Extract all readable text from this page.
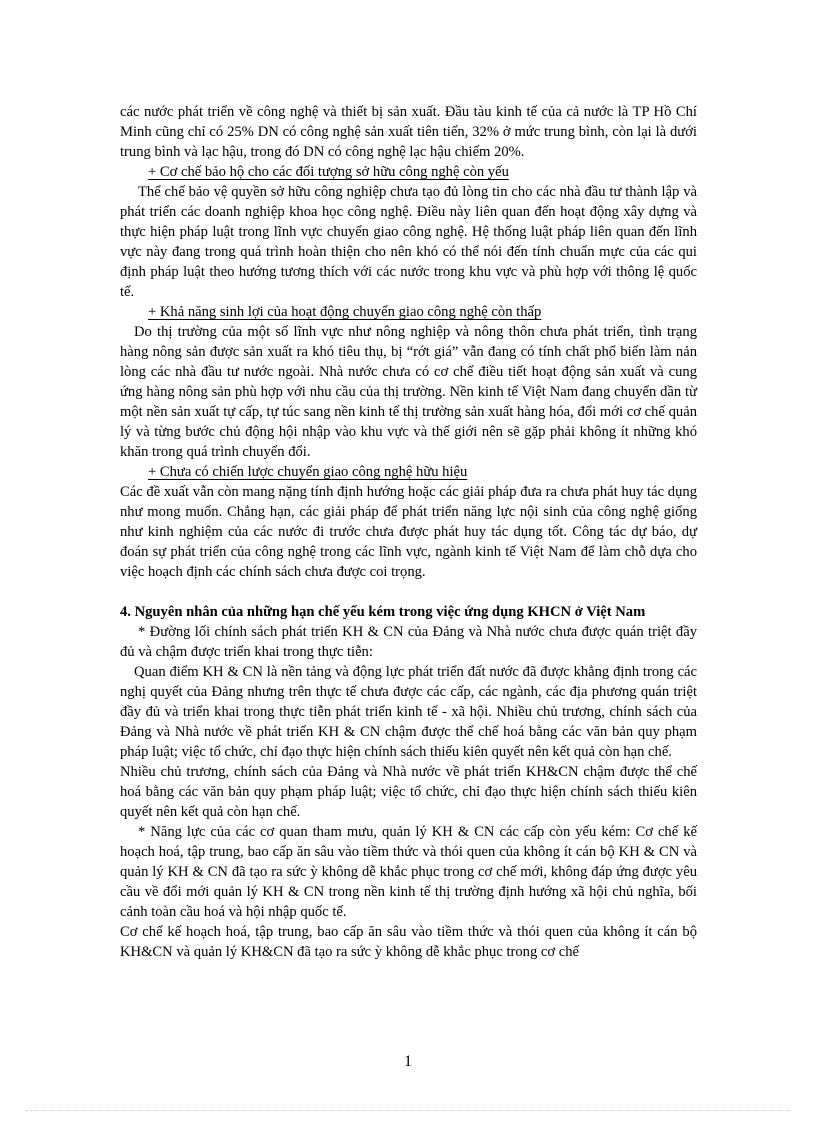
các nước phát triển về công nghệ và thiết bị sản xuất. Đầu tàu kinh tế của cả nước là TP Hồ Chí Minh cũng chỉ có 25% DN có công nghệ sản xuất tiên tiến, 32% ở mức trung bình, còn lại là dưới trung bình và lạc hậu, trong đó DN có công nghệ lạc hậu chiếm 20%.

+ Cơ chế bảo hộ cho các đối tượng sở hữu công nghệ còn yếu

Thể chế bảo vệ quyền sở hữu công nghiệp chưa tạo đủ lòng tin cho các nhà đầu tư thành lập và phát triển các doanh nghiệp khoa học công nghệ. Điều này liên quan đến hoạt động xây dựng và thực hiện pháp luật trong lĩnh vực chuyển giao công nghệ. Hệ thống luật pháp liên quan đến lĩnh vực này đang trong quá trình hoàn thiện cho nên khó có thể nói đến tính chuẩn mực của các qui định pháp luật theo hướng tương thích với các nước trong khu vực và phù hợp với thông lệ quốc tế.

+ Khả năng sinh lợi của hoạt động chuyển giao công nghệ còn thấp

Do thị trường của một số lĩnh vực như nông nghiệp và nông thôn chưa phát triển, tình trạng hàng nông sản được sản xuất ra khó tiêu thụ, bị “rớt giá” vẫn đang có tính chất phổ biến làm nản lòng các nhà đầu tư nước ngoài. Nhà nước chưa có cơ chế điều tiết hoạt động sản xuất và cung ứng hàng nông sản phù hợp với nhu cầu của thị trường. Nền kinh tế Việt Nam đang chuyển dần từ một nền sản xuất tự cấp, tự túc sang nền kinh tế thị trường sản xuất hàng hóa, đổi mới cơ chế quản lý và từng bước chủ động hội nhập vào khu vực và thế giới nên sẽ gặp phải không ít những khó khăn trong quá trình chuyển đổi.

+ Chưa có chiến lược chuyển giao công nghệ hữu hiệu

Các đề xuất vẫn còn mang nặng tính định hướng hoặc các giải pháp đưa ra chưa phát huy tác dụng như mong muốn. Chẳng hạn, các giải pháp để phát triển năng lực nội sinh của công nghệ giống như kinh nghiệm của các nước đi trước chưa được phát huy tác dụng tốt. Công tác dự báo, dự đoán sự phát triển của công nghệ trong các lĩnh vực, ngành kinh tế Việt Nam để làm chỗ dựa cho việc hoạch định các chính sách chưa được coi trọng.

4. Nguyên nhân của những hạn chế yếu kém trong việc ứng dụng KHCN ở Việt Nam

* Đường lối chính sách phát triển KH & CN của Đảng và Nhà nước chưa được quán triệt đầy đủ và chậm được triển khai trong thực tiễn:

Quan điểm KH & CN là nền tảng và động lực phát triển đất nước đã được khẳng định trong các nghị quyết của Đảng nhưng trên thực tế chưa được các cấp, các ngành, các địa phương quán triệt đầy đủ và triển khai trong thực tiễn phát triển kinh tế - xã hội. Nhiều chủ trương, chính sách của Đảng và Nhà nước về phát triển KH & CN chậm được thể chế hoá bằng các văn bản quy phạm pháp luật; việc tổ chức, chỉ đạo thực hiện chính sách thiếu kiên quyết nên kết quả còn hạn chế.

Nhiều chủ trương, chính sách của Đảng và Nhà nước về phát triển KH&CN chậm được thể chế hoá bằng các văn bản quy phạm pháp luật; việc tổ chức, chỉ đạo thực hiện chính sách thiếu kiên quyết nên kết quả còn hạn chế.

* Năng lực của các cơ quan tham mưu, quản lý KH & CN các cấp còn yếu kém: Cơ chế kế hoạch hoá, tập trung, bao cấp ăn sâu vào tiềm thức và thói quen của không ít cán bộ KH & CN và quản lý KH & CN đã tạo ra sức ỳ không dễ khắc phục trong cơ chế mới, không đáp ứng được yêu cầu về đổi mới quản lý KH & CN trong nền kinh tế thị trường định hướng xã hội chủ nghĩa, bối cảnh toàn cầu hoá và hội nhập quốc tế.

Cơ chế kế hoạch hoá, tập trung, bao cấp ăn sâu vào tiềm thức và thói quen của không ít cán bộ KH&CN và quản lý KH&CN đã tạo ra sức ỳ không dễ khắc phục trong cơ chế

1
